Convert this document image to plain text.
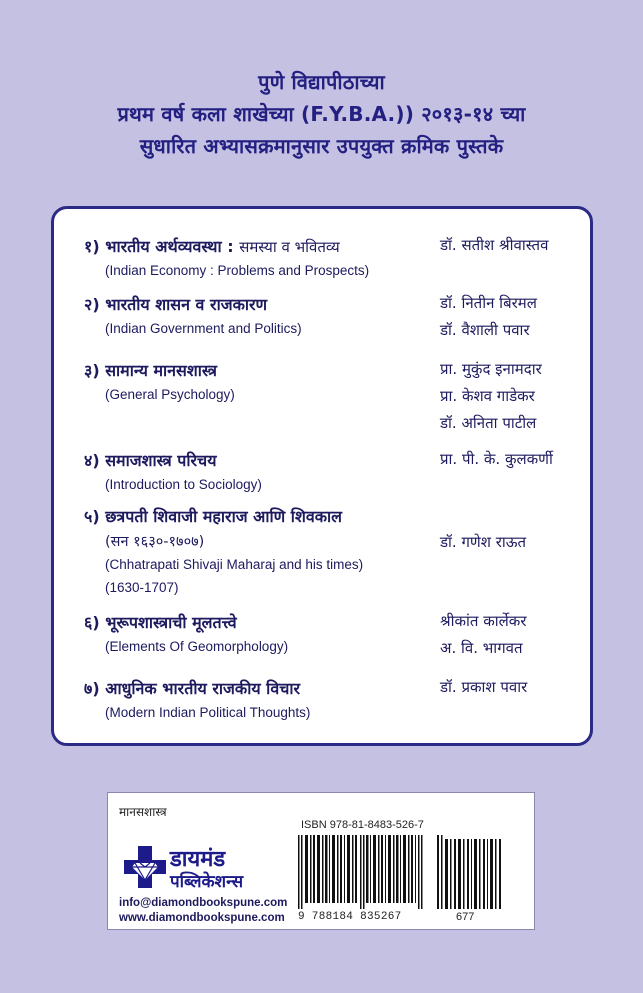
पुणे विद्यापीठाच्या
प्रथम वर्ष कला शाखेच्या (F.Y.B.A.)) २०१३-१४ च्या
सुधारित अभ्यासक्रमानुसार उपयुक्त क्रमिक पुस्तके
१) भारतीय अर्थव्यवस्था : समस्या व भवितव्य
(Indian Economy : Problems and Prospects)
डॉ. सतीश श्रीवास्तव
२) भारतीय शासन व राजकारण
(Indian Government and Politics)
डॉ. नितीन बिरमल
डॉ. वैशाली पवार
३) सामान्य मानसशास्त्र
(General Psychology)
प्रा. मुकुंद इनामदार
प्रा. केशव गाडेकर
डॉ. अनिता पाटील
४) समाजशास्त्र परिचय
(Introduction to Sociology)
प्रा. पी. के. कुलकर्णी
५) छत्रपती शिवाजी महाराज आणि शिवकाल
(सन १६३०-१७०७)
(Chhatrapati Shivaji Maharaj and his times)
(1630-1707)
डॉ. गणेश राऊत
६) भूरूपशास्त्राची मूलतत्त्वे
(Elements Of Geomorphology)
श्रीकांत कार्लेकर
अ. वि. भागवत
७) आधुनिक भारतीय राजकीय विचार
(Modern Indian Political Thoughts)
डॉ. प्रकाश पवार
मानसशास्त्र
ISBN 978-81-8483-526-7
9 788184 835267	677
डायमंड
पब्लिकेशन्स
info@diamondbookspune.com
www.diamondbookspune.com
